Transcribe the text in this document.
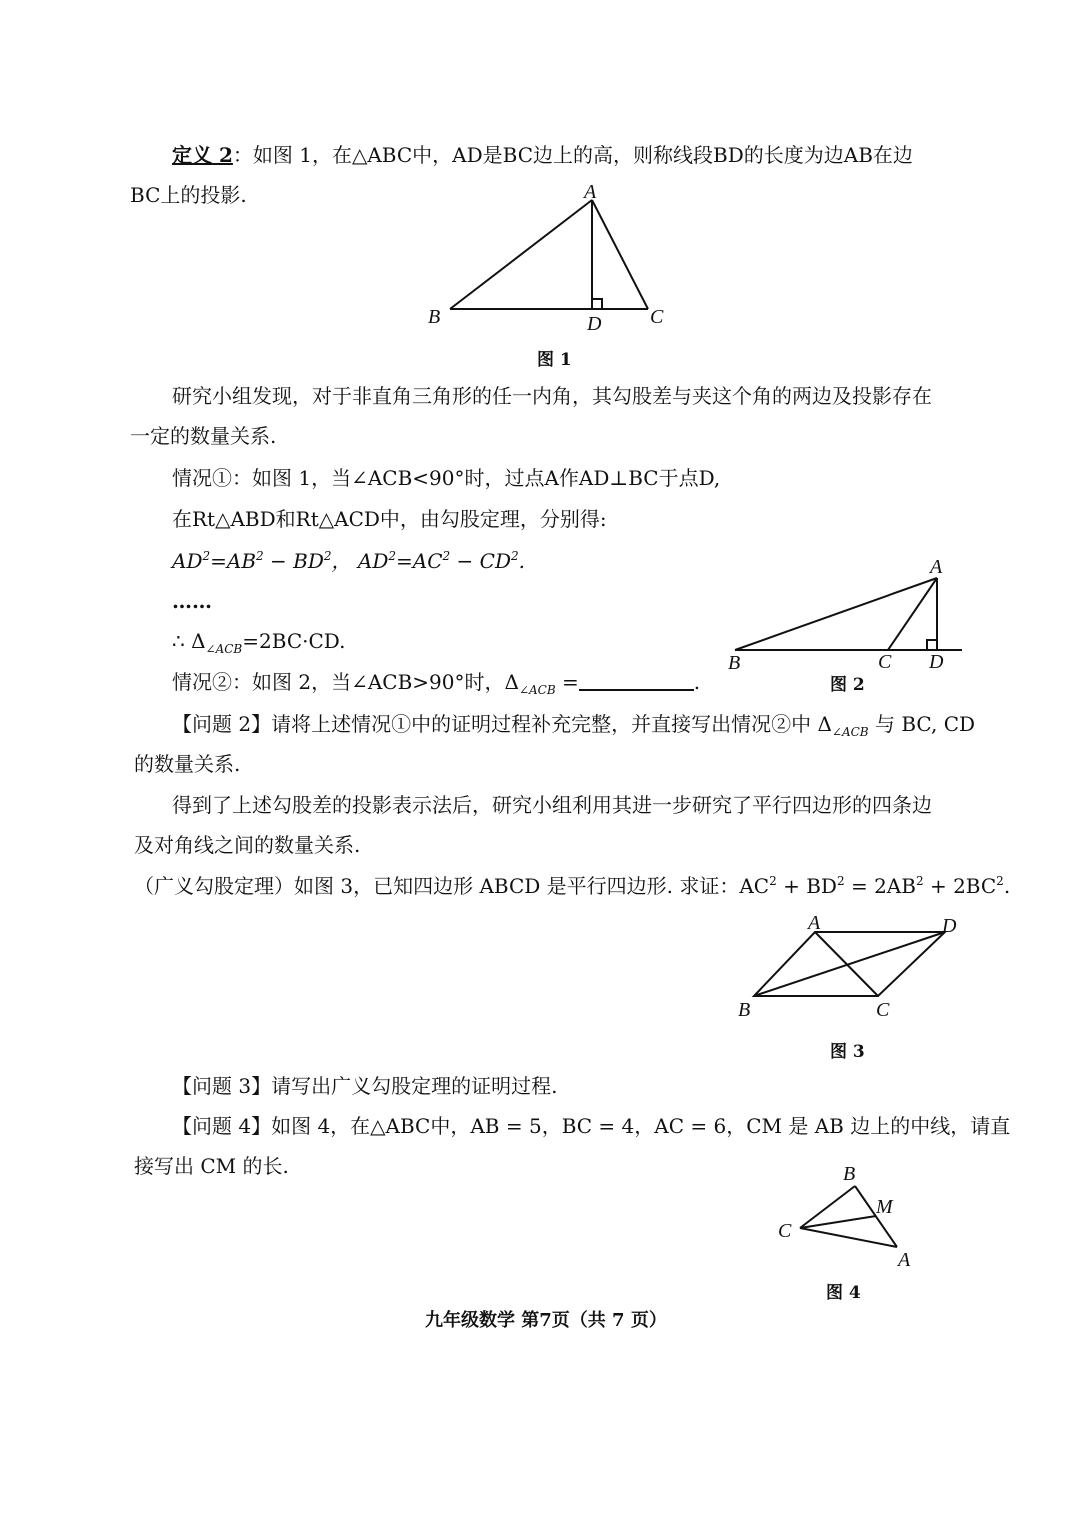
定义 2：如图 1，在△ABC中，AD是BC边上的高，则称线段BD的长度为边AB在边
BC上的投影.	A
B	D C
图 1
研究小组发现，对于非直角三角形的任一内角，其勾股差与夹这个角的两边及投影存在
一定的数量关系.
情况①：如图 1，当∠ACB<90°时，过点A作AD⊥BC于点D,
在Rt△ABD和Rt△ACD中，由勾股定理，分别得:
$AD^2=AB^2 - BD^2$， $AD^2=AC^2 - CD^2$.
……
∴ $\Delta_{\angle ACB}=2BC\cdot CD$.
情况②：如图 2，当∠ACB>90°时，$\Delta_{\angle ACB}$ =	.
A
B	C D
图 2
【问题 2】请将上述情况①中的证明过程补充完整，并直接写出情况②中 $\Delta_{\angle ACB}$ 与 BC, CD
的数量关系.
得到了上述勾股差的投影表示法后，研究小组利用其进一步研究了平行四边形的四条边
及对角线之间的数量关系.
（广义勾股定理）如图 3，已知四边形 ABCD 是平行四边形. 求证：$AC^2 + BD^2 = 2AB^2 + 2BC^2$.
A	D
B	C
图 3
【问题 3】请写出广义勾股定理的证明过程.
【问题 4】如图 4，在△ABC中，AB = 5，BC = 4，AC = 6，CM 是 AB 边上的中线，请直
接写出 CM 的长.	B
M
C
A
图 4
九年级数学 第7页（共 7 页）
